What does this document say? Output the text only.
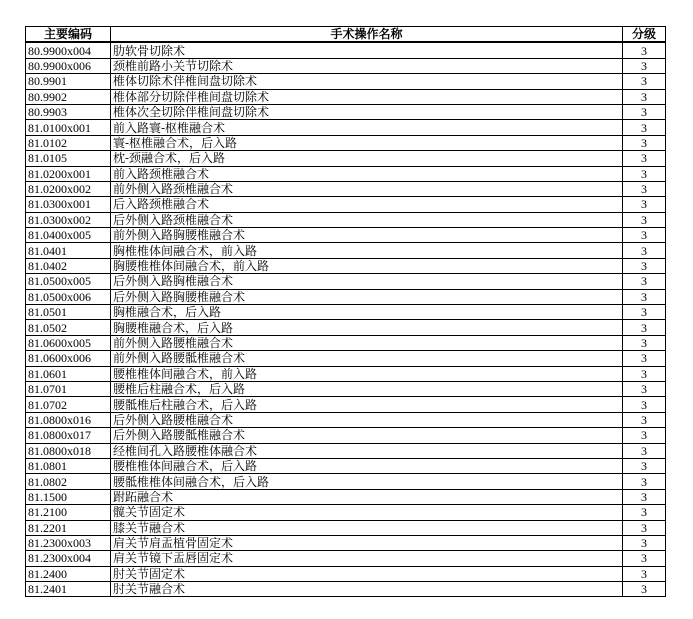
主要编码	手术操作名称	分级
80.9900x004	肋软骨切除术	3
80.9900x006	颈椎前路小关节切除术	3
80.9901	椎体切除术伴椎间盘切除术	3
80.9902	椎体部分切除伴椎间盘切除术	3
80.9903	椎体次全切除伴椎间盘切除术	3
81.0100x001	前入路寰-枢椎融合术	3
81.0102	寰-枢椎融合术，后入路	3
81.0105	枕-颈融合术，后入路	3
81.0200x001	前入路颈椎融合术	3
81.0200x002	前外侧入路颈椎融合术	3
81.0300x001	后入路颈椎融合术	3
81.0300x002	后外侧入路颈椎融合术	3
81.0400x005	前外侧入路胸腰椎融合术	3
81.0401	胸椎椎体间融合术，前入路	3
81.0402	胸腰椎椎体间融合术，前入路	3
81.0500x005	后外侧入路胸椎融合术	3
81.0500x006	后外侧入路胸腰椎融合术	3
81.0501	胸椎融合术，后入路	3
81.0502	胸腰椎融合术，后入路	3
81.0600x005	前外侧入路腰椎融合术	3
81.0600x006	前外侧入路腰骶椎融合术	3
81.0601	腰椎椎体间融合术，前入路	3
81.0701	腰椎后柱融合术，后入路	3
81.0702	腰骶椎后柱融合术，后入路	3
81.0800x016	后外侧入路腰椎融合术	3
81.0800x017	后外侧入路腰骶椎融合术	3
81.0800x018	经椎间孔入路腰椎体融合术	3
81.0801	腰椎椎体间融合术，后入路	3
81.0802	腰骶椎椎体间融合术，后入路	3
81.1500	跗跖融合术	3
81.2100	髋关节固定术	3
81.2201	膝关节融合术	3
81.2300x003	肩关节肩盂植骨固定术	3
81.2300x004	肩关节镜下盂唇固定术	3
81.2400	肘关节固定术	3
81.2401	肘关节融合术	3
